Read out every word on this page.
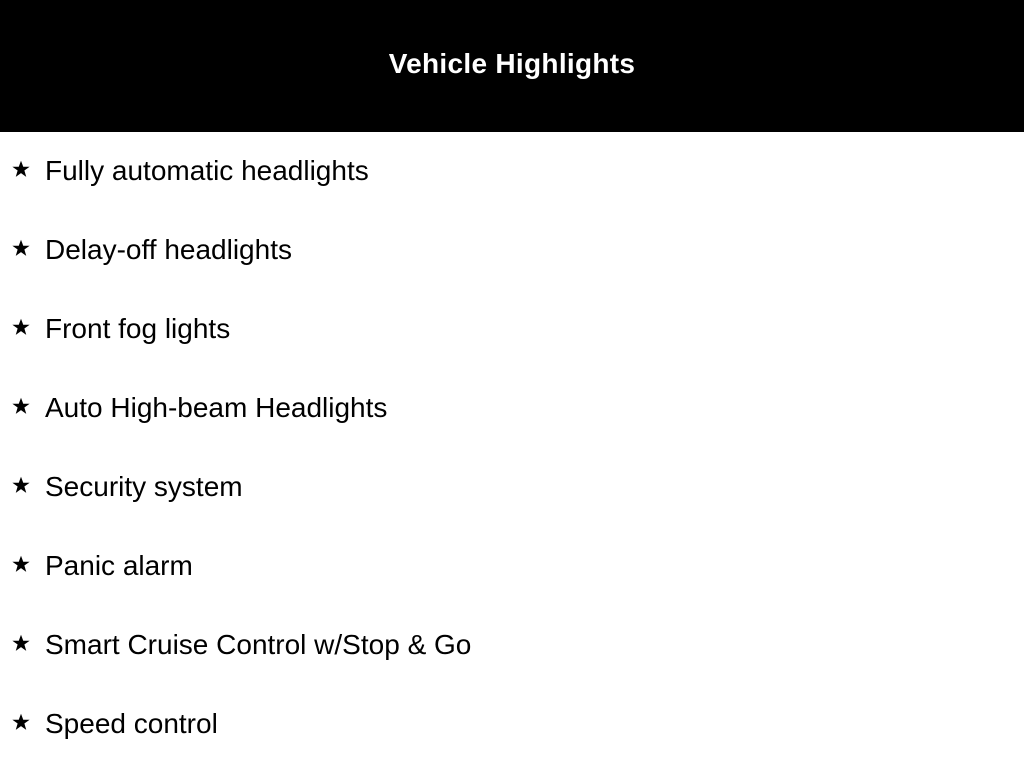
Vehicle Highlights
Fully automatic headlights
Delay-off headlights
Front fog lights
Auto High-beam Headlights
Security system
Panic alarm
Smart Cruise Control w/Stop & Go
Speed control
